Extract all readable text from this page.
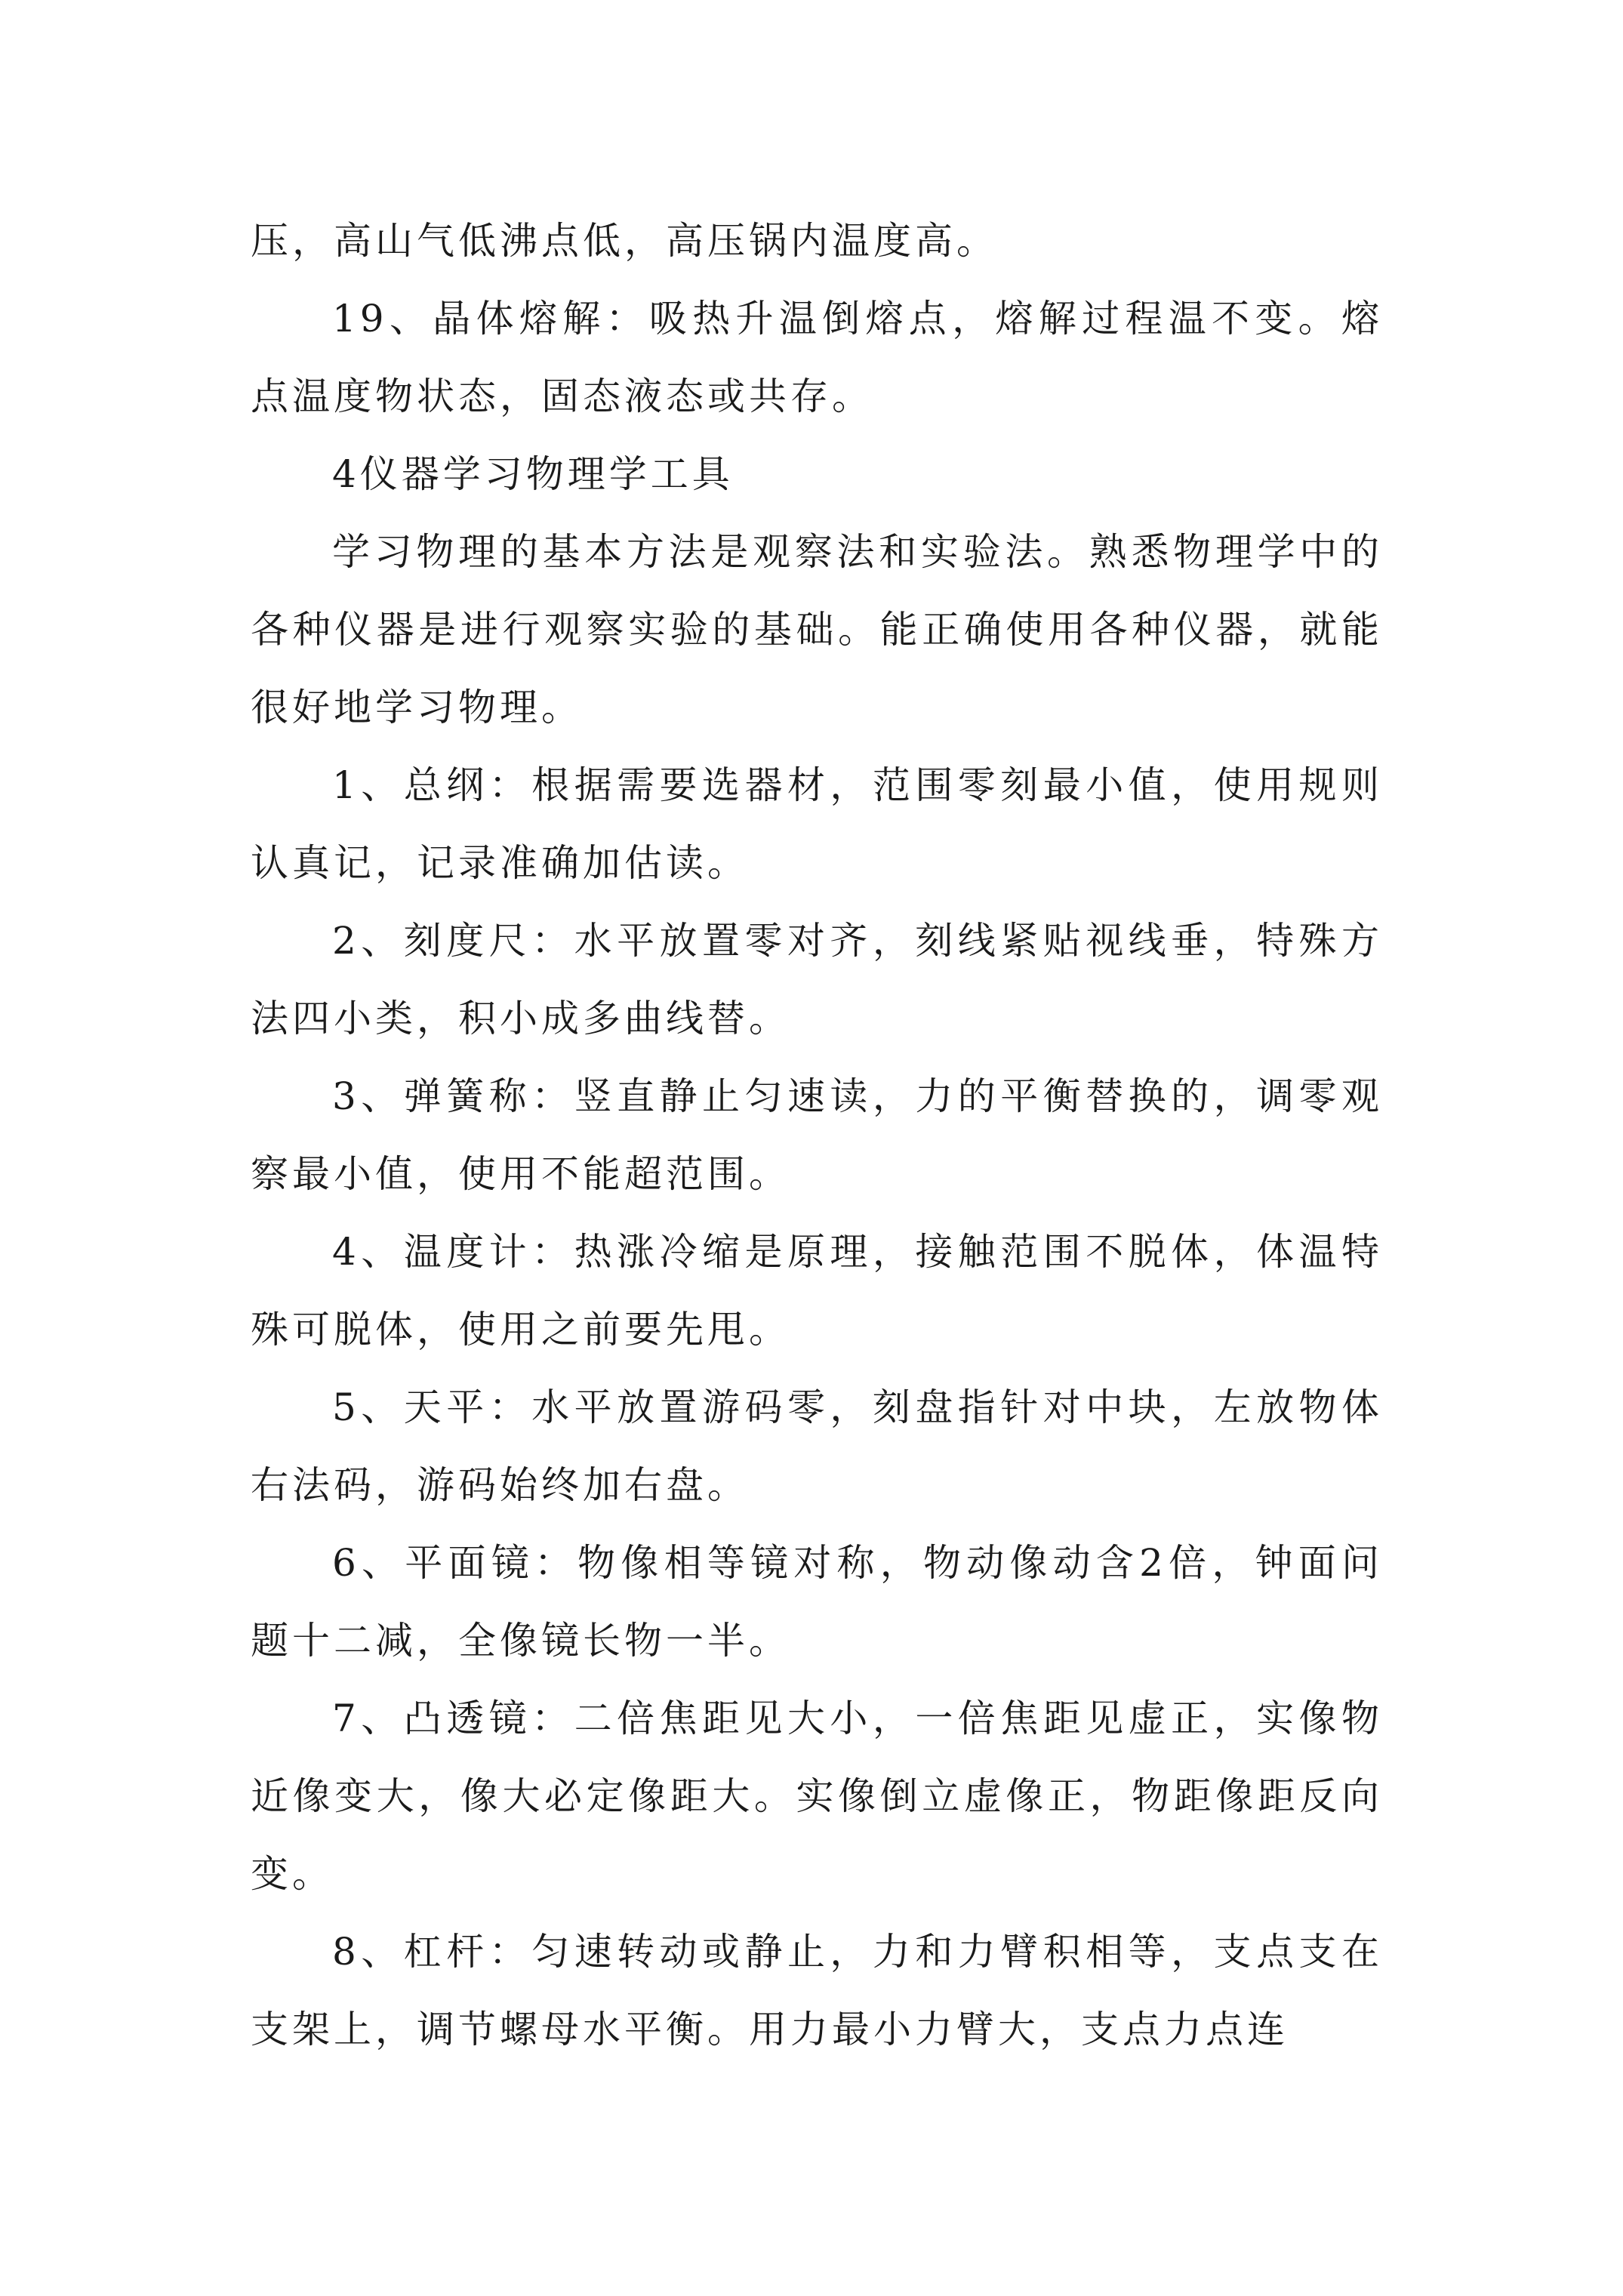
压，高山气低沸点低，高压锅内温度高。

19、晶体熔解：吸热升温倒熔点，熔解过程温不变。熔点温度物状态，固态液态或共存。

4仪器学习物理学工具

学习物理的基本方法是观察法和实验法。熟悉物理学中的各种仪器是进行观察实验的基础。能正确使用各种仪器，就能很好地学习物理。

1、总纲：根据需要选器材，范围零刻最小值，使用规则认真记，记录准确加估读。

2、刻度尺：水平放置零对齐，刻线紧贴视线垂，特殊方法四小类，积小成多曲线替。

3、弹簧称：竖直静止匀速读，力的平衡替换的，调零观察最小值，使用不能超范围。

4、温度计：热涨冷缩是原理，接触范围不脱体，体温特殊可脱体，使用之前要先甩。

5、天平：水平放置游码零，刻盘指针对中块，左放物体右法码，游码始终加右盘。

6、平面镜：物像相等镜对称，物动像动含2倍，钟面问题十二减，全像镜长物一半。

7、凸透镜：二倍焦距见大小，一倍焦距见虚正，实像物近像变大，像大必定像距大。实像倒立虚像正，物距像距反向变。

8、杠杆：匀速转动或静止，力和力臂积相等，支点支在支架上，调节螺母水平衡。用力最小力臂大，支点力点连
